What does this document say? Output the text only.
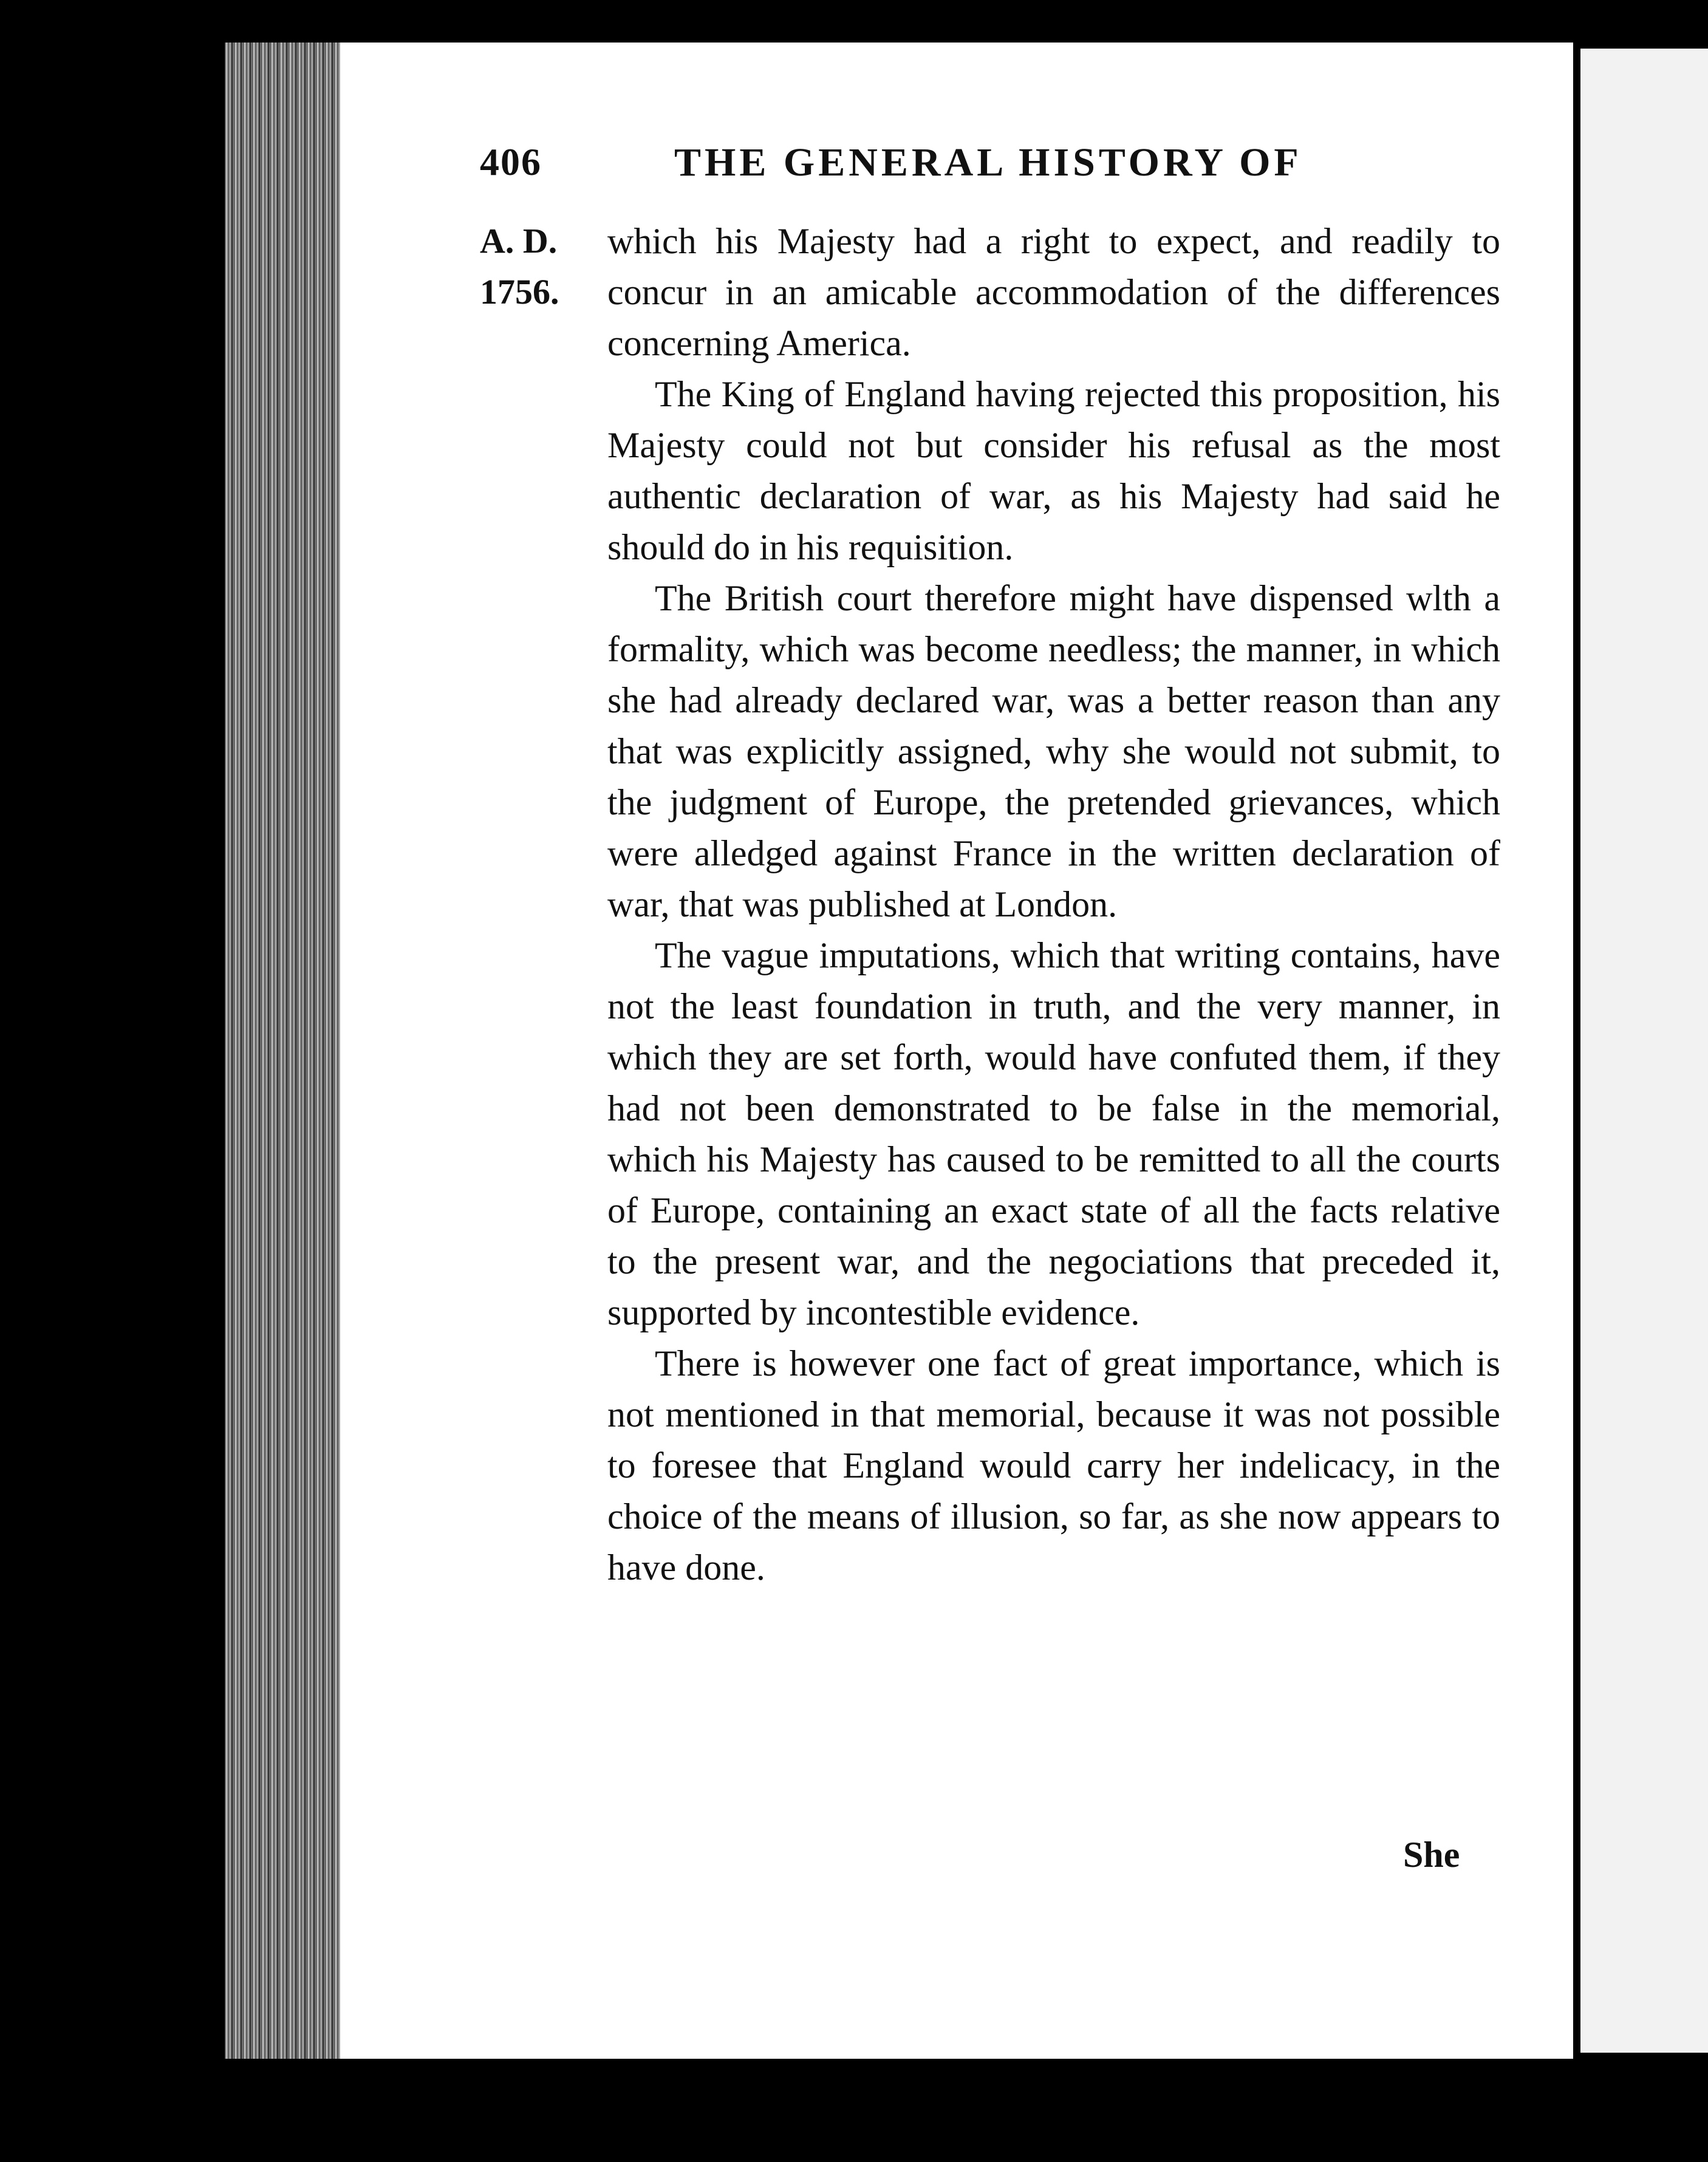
406	THE GENERAL HISTORY OF
A. D.
1756.

which his Majesty had a right to expect, and readily to concur in an amicable accommodation of the differences concerning America.

The King of England having rejected this proposition, his Majesty could not but consider his refusal as the most authentic declaration of war, as his Majesty had said he should do in his requisition.

The British court therefore might have dispensed wlth a formality, which was become needless; the manner, in which she had already declared war, was a better reason than any that was explicitly assigned, why she would not submit, to the judgment of Europe, the pretended grievances, which were alledged against France in the written declaration of war, that was published at London.

The vague imputations, which that writing contains, have not the least foundation in truth, and the very manner, in which they are set forth, would have confuted them, if they had not been demonstrated to be false in the memorial, which his Majesty has caused to be remitted to all the courts of Europe, containing an exact state of all the facts relative to the present war, and the negociations that preceded it, supported by incontestible evidence.

There is however one fact of great importance, which is not mentioned in that memorial, because it was not possible to foresee that England would carry her indelicacy, in the choice of the means of illusion, so far, as she now appears to have done.

She
